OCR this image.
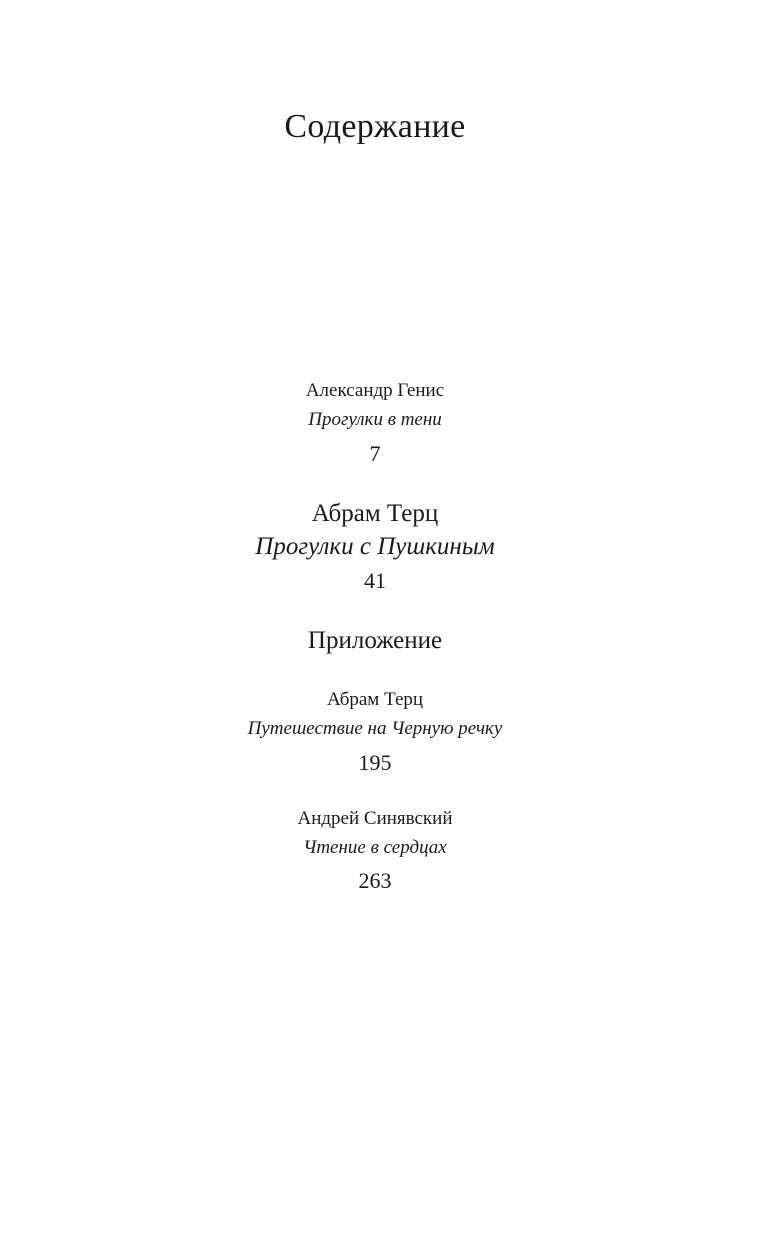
Содержание
Александр Генис
Прогулки в тени
7
Абрам Терц
Прогулки с Пушкиным
41
Приложение
Абрам Терц
Путешествие на Черную речку
195
Андрей Синявский
Чтение в сердцах
263
